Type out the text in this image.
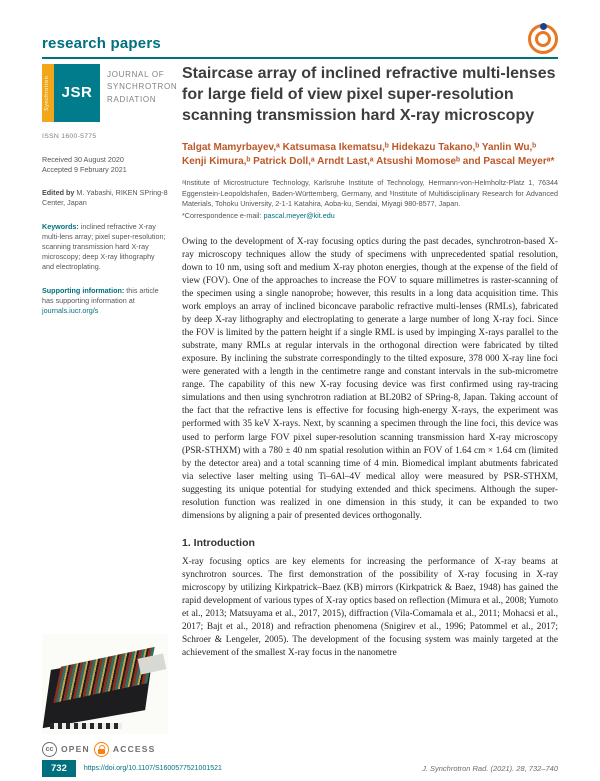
research papers
Synchrotron JSR
JOURNAL OF
SYNCHROTRON
RADIATION

ISSN 1600-5775

Received 30 August 2020
Accepted 9 February 2021

Edited by M. Yabashi, RIKEN SPring-8 Center, Japan

Keywords: inclined refractive X-ray multi-lens array; pixel super-resolution; scanning transmission hard X-ray microscopy; deep X-ray lithography and electroplating.

Supporting information: this article has supporting information at journals.iucr.org/s

cc OPEN	ACCESS
Staircase array of inclined refractive multi-lenses for large field of view pixel super-resolution scanning transmission hard X-ray microscopy

Talgat Mamyrbayev,ᵃ Katsumasa Ikematsu,ᵇ Hidekazu Takano,ᵇ Yanlin Wu,ᵇ Kenji Kimura,ᵇ Patrick Doll,ᵃ Arndt Last,ᵃ Atsushi Momoseᵇ and Pascal Meyerᵃ*

ᵃInstitute of Microstructure Technology, Karlsruhe Institute of Technology, Hermann-von-Helmholtz-Platz 1, 76344 Eggenstein-Leopoldshafen, Baden-Württemberg, Germany, and ᵇInstitute of Multidisciplinary Research for Advanced Materials, Tohoku University, 2-1-1 Katahira, Aoba-ku, Sendai, Miyagi 980-8577, Japan.

*Correspondence e-mail: pascal.meyer@kit.edu

Owing to the development of X-ray focusing optics during the past decades, synchrotron-based X-ray microscopy techniques allow the study of specimens with unprecedented spatial resolution, down to 10 nm, using soft and medium X-ray photon energies, though at the expense of the field of view (FOV). One of the approaches to increase the FOV to square millimetres is raster-scanning of the specimen using a single nanoprobe; however, this results in a long data acquisition time. This work employs an array of inclined biconcave parabolic refractive multi-lenses (RMLs), fabricated by deep X-ray lithography and electroplating to generate a large number of long X-ray foci. Since the FOV is limited by the pattern height if a single RML is used by impinging X-rays parallel to the substrate, many RMLs at regular intervals in the orthogonal direction were fabricated by tilted exposure. By inclining the substrate correspondingly to the tilted exposure, 378 000 X-ray line foci were generated with a length in the centimetre range and constant intervals in the sub-micrometre range. The capability of this new X-ray focusing device was first confirmed using ray-tracing simulations and then using synchrotron radiation at BL20B2 of SPring-8, Japan. Taking account of the fact that the refractive lens is effective for focusing high-energy X-rays, the experiment was performed with 35 keV X-rays. Next, by scanning a specimen through the line foci, this device was used to perform large FOV pixel super-resolution scanning transmission hard X-ray microscopy (PSR-STHXM) with a 780 ± 40 nm spatial resolution within an FOV of 1.64 cm × 1.64 cm (limited by the detector area) and a total scanning time of 4 min. Biomedical implant abutments fabricated via selective laser melting using Ti–6Al–4V medical alloy were measured by PSR-STHXM, suggesting its unique potential for studying extended and thick specimens. Although the super-resolution function was realized in one dimension in this study, it can be expanded to two dimensions by aligning a pair of presented devices orthogonally.

1. Introduction

X-ray focusing optics are key elements for increasing the performance of X-ray beams at synchrotron sources. The first demonstration of the possibility of X-ray focusing in X-ray microscopy by utilizing Kirkpatrick–Baez (KB) mirrors (Kirkpatrick & Baez, 1948) has gained the rapid development of various types of X-ray optics based on reflection (Mimura et al., 2008; Yumoto et al., 2013; Matsuyama et al., 2017, 2015), diffraction (Vila-Comamala et al., 2011; Mohacsi et al., 2017; Bajt et al., 2018) and refraction phenomena (Snigirev et al., 1996; Patommel et al., 2017; Schroer & Lengeler, 2005). The development of the focusing system was mainly targeted at the achievement of the smallest X-ray focus in the nanometre

732	https://doi.org/10.1107/S1600577521001521	J. Synchrotron Rad. (2021). 28, 732–740
